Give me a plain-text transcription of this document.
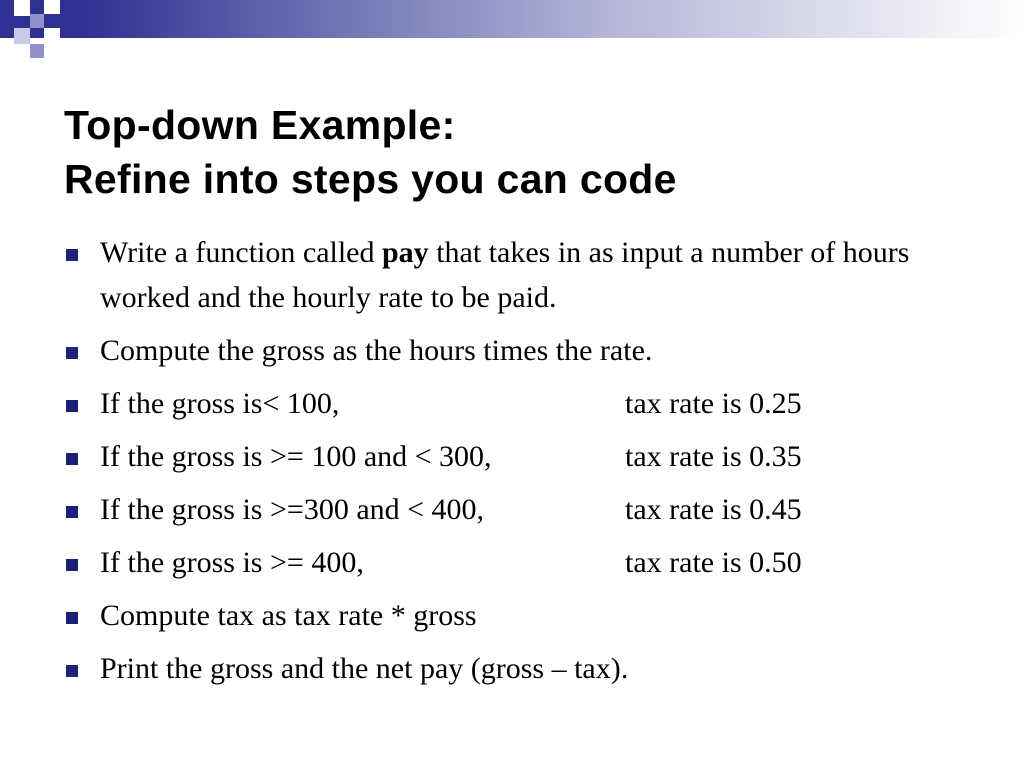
Top-down Example:
Refine into steps you can code
Write a function called pay that takes in as input a number of hours worked and the hourly rate to be paid.
Compute the gross as the hours times the rate.
If the gross is< 100,	tax rate is 0.25
If the gross is >= 100 and < 300,	tax rate is 0.35
If the gross is >=300 and < 400,	tax rate is 0.45
If the gross is >= 400,	tax rate is 0.50
Compute tax as tax rate * gross
Print the gross and the net pay (gross – tax).
